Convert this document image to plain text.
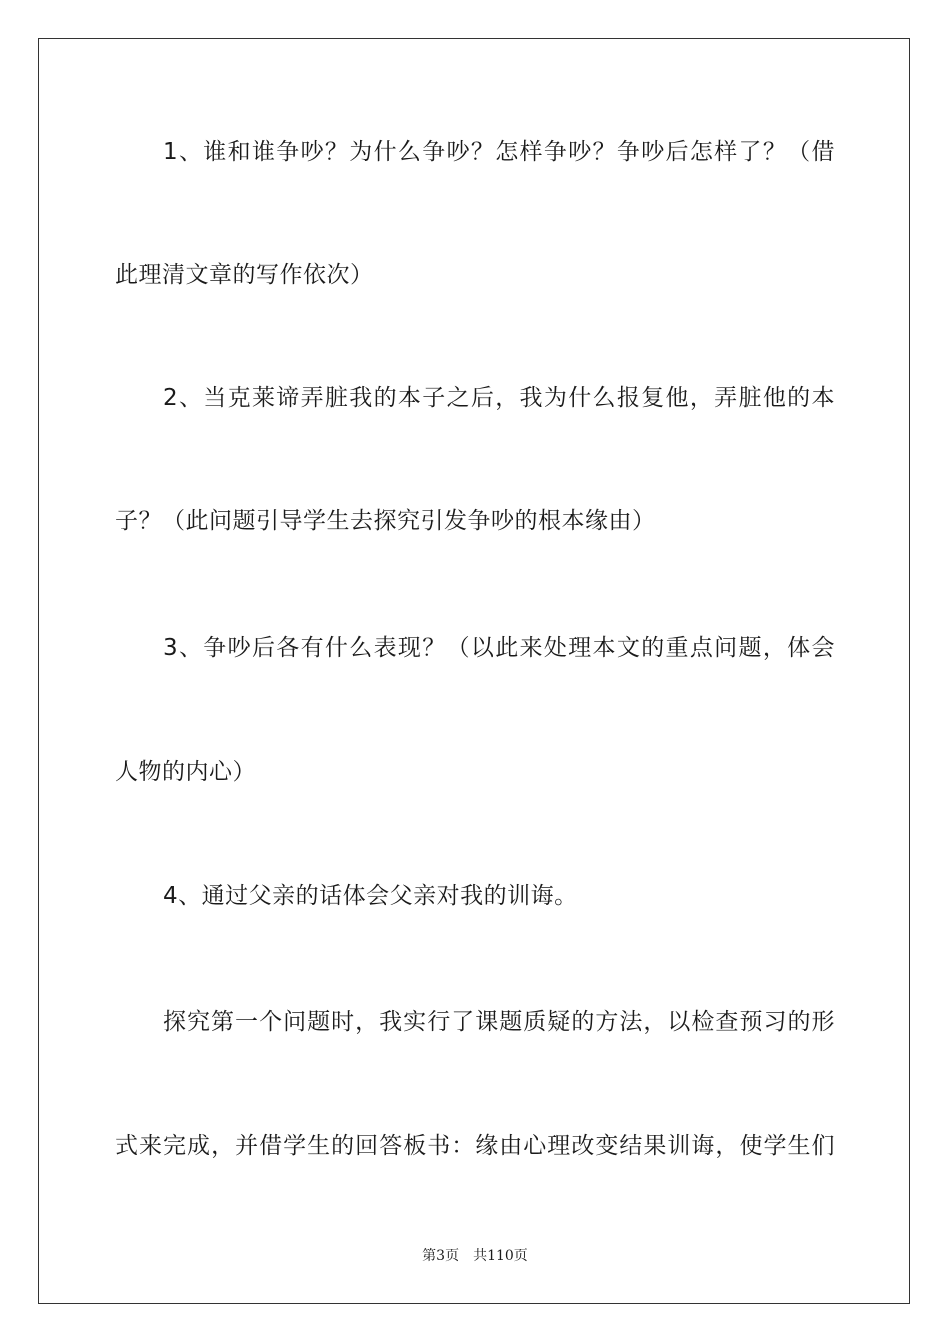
1、谁和谁争吵？为什么争吵？怎样争吵？争吵后怎样了？（借
此理清文章的写作依次）
2、当克莱谛弄脏我的本子之后，我为什么报复他，弄脏他的本
子？（此问题引导学生去探究引发争吵的根本缘由）
3、争吵后各有什么表现？（以此来处理本文的重点问题，体会
人物的内心）
4、通过父亲的话体会父亲对我的训诲。
探究第一个问题时，我实行了课题质疑的方法，以检查预习的形
式来完成，并借学生的回答板书：缘由心理改变结果训诲，使学生们
第3页　共110页
